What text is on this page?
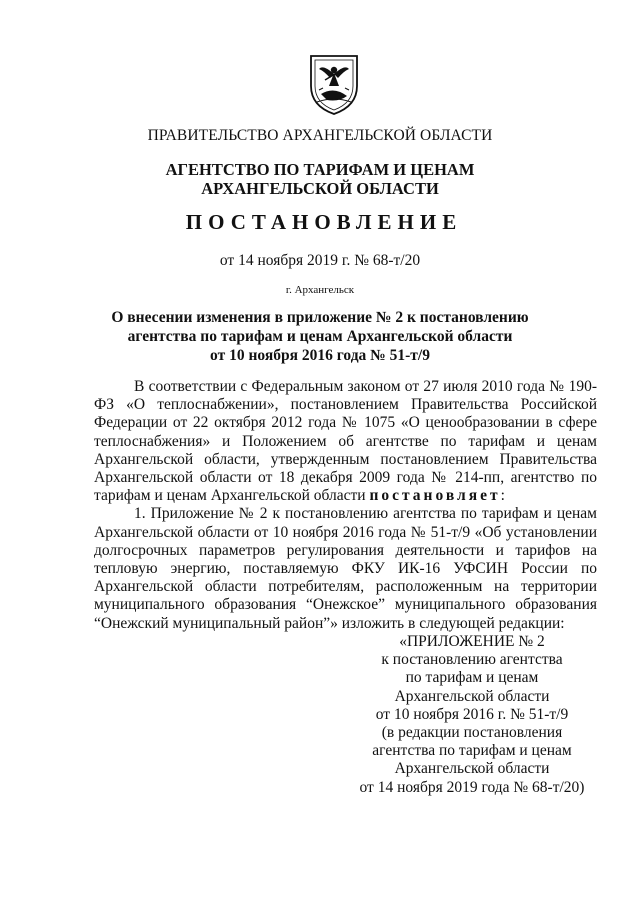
ПРАВИТЕЛЬСТВО АРХАНГЕЛЬСКОЙ ОБЛАСТИ
АГЕНТСТВО ПО ТАРИФАМ И ЦЕНАМ
АРХАНГЕЛЬСКОЙ ОБЛАСТИ
ПОСТАНОВЛЕНИЕ
от 14 ноября 2019 г. № 68-т/20
г. Архангельск
О внесении изменения в приложение № 2 к постановлению
агентства по тарифам и ценам Архангельской области
от 10 ноября 2016 года № 51-т/9

В соответствии с Федеральным законом от 27 июля 2010 года № 190-ФЗ «О теплоснабжении», постановлением Правительства Российской Федерации от 22 октября 2012 года № 1075 «О ценообразовании в сфере теплоснабжения» и Положением об агентстве по тарифам и ценам Архангельской области, утвержденным постановлением Правительства Архангельской области от 18 декабря 2009 года № 214-пп, агентство по тарифам и ценам Архангельской области постановляет:

1. Приложение № 2 к постановлению агентства по тарифам и ценам Архангельской области от 10 ноября 2016 года № 51-т/9 «Об установлении долгосрочных параметров регулирования деятельности и тарифов на тепловую энергию, поставляемую ФКУ ИК-16 УФСИН России по Архангельской области потребителям, расположенным на территории муниципального образования “Онежское” муниципального образования “Онежский муниципальный район”» изложить в следующей редакции:

«ПРИЛОЖЕНИЕ № 2
к постановлению агентства
по тарифам и ценам
Архангельской области
от 10 ноября 2016 г. № 51-т/9
(в редакции постановления
агентства по тарифам и ценам
Архангельской области
от 14 ноября 2019 года № 68-т/20)
